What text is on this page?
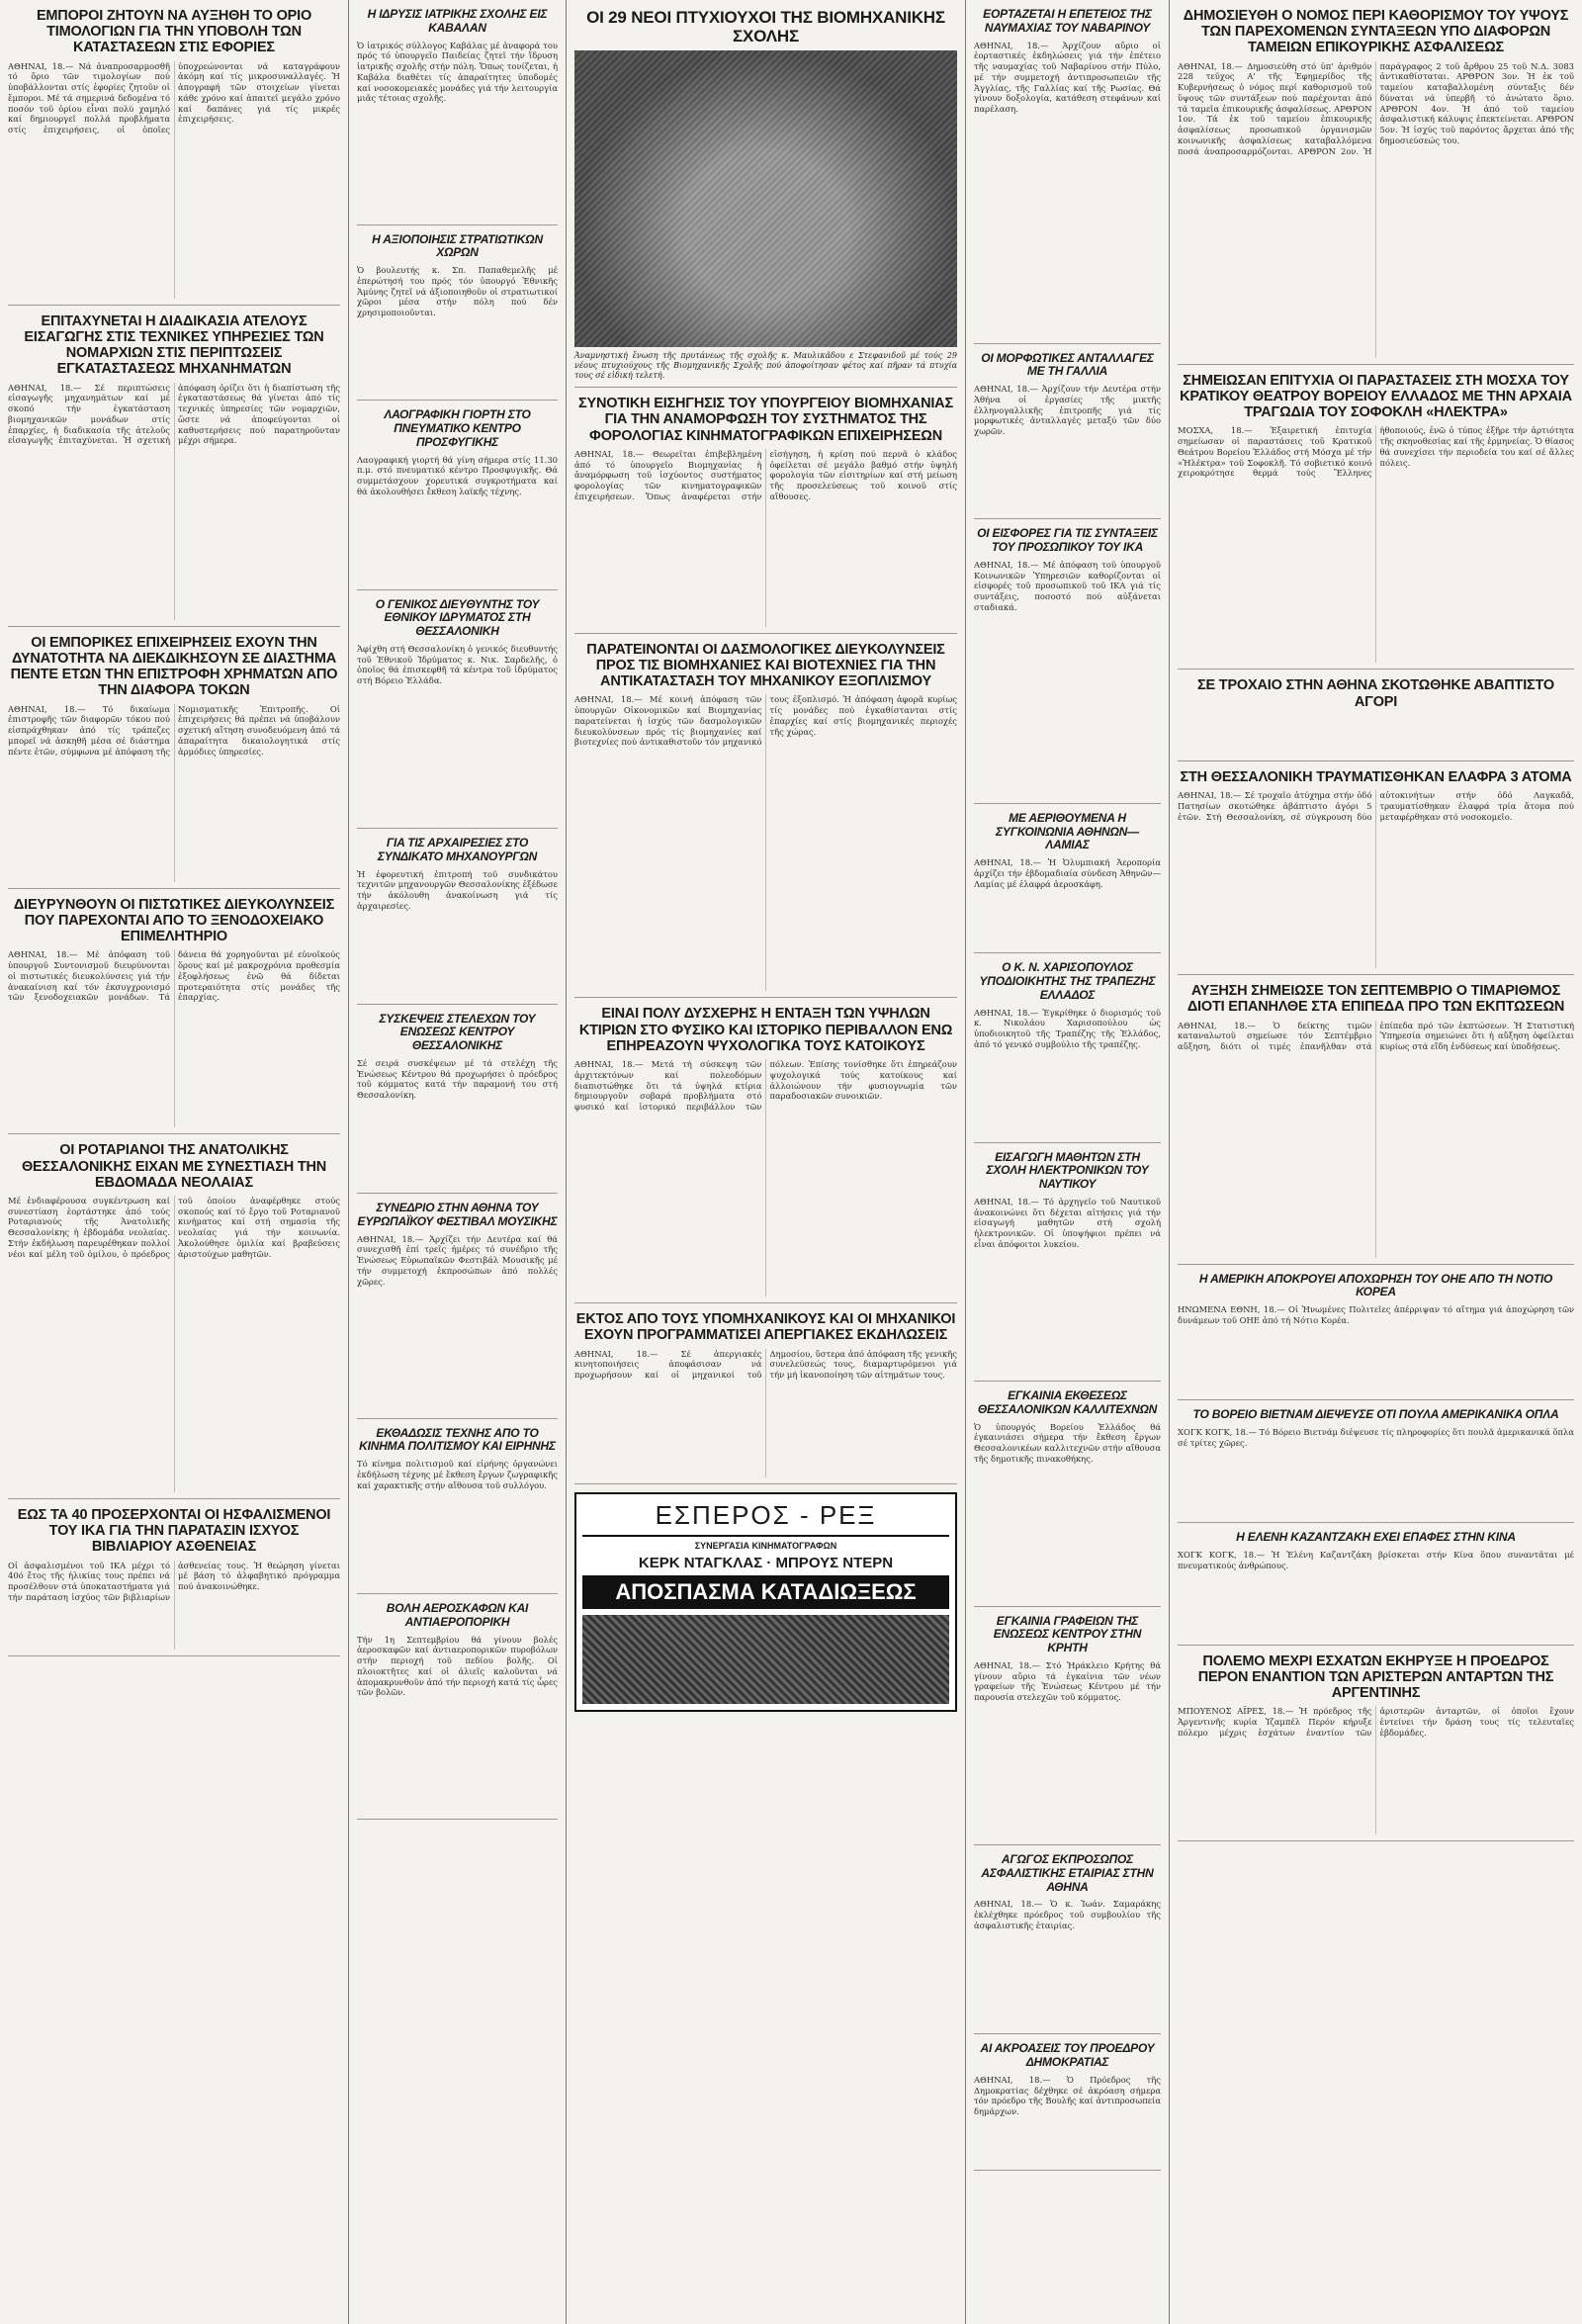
ΕΜΠΟΡΟΙ ΖΗΤΟΥΝ ΝΑ ΑΥΞΗΘΗ ΤΟ ΟΡΙΟ ΤΙΜΟΛΟΓΙΩΝ ΓΙΑ ΤΗΝ ΥΠΟΒΟΛΗ ΤΩΝ ΚΑΤΑΣΤΑΣΕΩΝ ΣΤΙΣ ΕΦΟΡΙΕΣ

ΑΘΗΝΑΙ, 18.— Νά ἀναπροσαρμοσθῆ τό ὅριο τῶν τιμολογίων πού ὑποβάλλονται στίς ἐφορίες ζητοῦν οἱ ἔμποροι. Μέ τά σημερινά δεδομένα τό ποσόν τοῦ ὁρίου εἶναι πολύ χαμηλό καί δημιουργεῖ πολλά προβλήματα στίς ἐπιχειρήσεις, οἱ ὁποῖες ὑποχρεώνονται νά καταγράφουν ἀκόμη καί τίς μικροσυναλλαγές. Ἡ ἀπογραφή τῶν στοιχείων γίνεται κάθε χρόνο καί ἀπαιτεῖ μεγάλο χρόνο καί δαπάνες γιά τίς μικρές ἐπιχειρήσεις.

ΕΠΙΤΑΧΥΝΕΤΑΙ Η ΔΙΑΔΙΚΑΣΙΑ ΑΤΕΛΟΥΣ ΕΙΣΑΓΩΓΗΣ ΣΤΙΣ ΤΕΧΝΙΚΕΣ ΥΠΗΡΕΣΙΕΣ ΤΩΝ ΝΟΜΑΡΧΙΩΝ ΣΤΙΣ ΠΕΡΙΠΤΩΣΕΙΣ ΕΓΚΑΤΑΣΤΑΣΕΩΣ ΜΗΧΑΝΗΜΑΤΩΝ

ΑΘΗΝΑΙ, 18.— Σέ περιπτώσεις εἰσαγωγῆς μηχανημάτων καί μέ σκοπό τήν ἐγκατάσταση βιομηχανικῶν μονάδων στίς ἐπαρχίες, ἡ διαδικασία τῆς ἀτελοῦς εἰσαγωγῆς ἐπιταχύνεται. Ἡ σχετική ἀπόφαση ὁρίζει ὅτι ἡ διαπίστωση τῆς ἐγκαταστάσεως θά γίνεται ἀπό τίς τεχνικές ὑπηρεσίες τῶν νομαρχιῶν, ὥστε νά ἀποφεύγονται οἱ καθυστερήσεις πού παρατηροῦνταν μέχρι σήμερα.

ΟΙ ΕΜΠΟΡΙΚΕΣ ΕΠΙΧΕΙΡΗΣΕΙΣ ΕΧΟΥΝ ΤΗΝ ΔΥΝΑΤΟΤΗΤΑ ΝΑ ΔΙΕΚΔΙΚΗΣΟΥΝ ΣΕ ΔΙΑΣΤΗΜΑ ΠΕΝΤΕ ΕΤΩΝ ΤΗΝ ΕΠΙΣΤΡΟΦΗ ΧΡΗΜΑΤΩΝ ΑΠΟ ΤΗΝ ΔΙΑΦΟΡΑ ΤΟΚΩΝ

ΑΘΗΝΑΙ, 18.— Τό δικαίωμα ἐπιστροφῆς τῶν διαφορῶν τόκου πού εἰσπράχθηκαν ἀπό τίς τράπεζες μπορεῖ νά ἀσκηθῆ μέσα σέ διάστημα πέντε ἐτῶν, σύμφωνα μέ ἀπόφαση τῆς Νομισματικῆς Ἐπιτροπῆς. Οἱ ἐπιχειρήσεις θά πρέπει νά ὑποβάλουν σχετική αἴτηση συνοδευόμενη ἀπό τά ἀπαραίτητα δικαιολογητικά στίς ἀρμόδιες ὑπηρεσίες.

ΔΙΕΥΡΥΝΘΟΥΝ ΟΙ ΠΙΣΤΩΤΙΚΕΣ ΔΙΕΥΚΟΛΥΝΣΕΙΣ ΠΟΥ ΠΑΡΕΧΟΝΤΑΙ ΑΠΟ ΤΟ ΞΕΝΟΔΟΧΕΙΑΚΟ ΕΠΙΜΕΛΗΤΗΡΙΟ

ΑΘΗΝΑΙ, 18.— Μέ ἀπόφαση τοῦ ὑπουργοῦ Συντονισμοῦ διευρύνονται οἱ πιστωτικές διευκολύνσεις γιά τήν ἀνακαίνιση καί τόν ἐκσυγχρονισμό τῶν ξενοδοχειακῶν μονάδων. Τά δάνεια θά χορηγοῦνται μέ εὐνοϊκούς ὅρους καί μέ μακροχρόνια προθεσμία ἐξοφλήσεως ἐνῶ θά δίδεται προτεραιότητα στίς μονάδες τῆς ἐπαρχίας.

ΟΙ ΡΟΤΑΡΙΑΝΟΙ ΤΗΣ ΑΝΑΤΟΛΙΚΗΣ ΘΕΣΣΑΛΟΝΙΚΗΣ ΕΙΧΑΝ ΜΕ ΣΥΝΕΣΤΙΑΣΗ ΤΗΝ ΕΒΔΟΜΑΔΑ ΝΕΟΛΑΙΑΣ

Μέ ἐνδιαφέρουσα συγκέντρωση καί συνεστίαση ἑορτάστηκε ἀπό τούς Ροταριανούς τῆς Ἀνατολικῆς Θεσσαλονίκης ἡ ἑβδομάδα νεολαίας. Στήν ἐκδήλωση παρευρέθηκαν πολλοί νέοι καί μέλη τοῦ ὁμίλου, ὁ πρόεδρος τοῦ ὁποίου ἀναφέρθηκε στούς σκοπούς καί τό ἔργο τοῦ Ροταριανοῦ κινήματος καί στή σημασία τῆς νεολαίας γιά τήν κοινωνία. Ἀκολούθησε ὁμιλία καί βραβεύσεις ἀριστούχων μαθητῶν.

ΕΩΣ ΤΑ 40 ΠΡΟΣΕΡΧΟΝΤΑΙ ΟΙ ΗΣΦΑΛΙΣΜΕΝΟΙ ΤΟΥ ΙΚΑ ΓΙΑ ΤΗΝ ΠΑΡΑΤΑΣΙΝ ΙΣΧΥΟΣ ΒΙΒΛΙΑΡΙΟΥ ΑΣΘΕΝΕΙΑΣ

Οἱ ἀσφαλισμένοι τοῦ ΙΚΑ μέχρι τό 40ό ἔτος τῆς ἡλικίας τους πρέπει νά προσέλθουν στά ὑποκαταστήματα γιά τήν παράταση ἰσχύος τῶν βιβλιαρίων ἀσθενείας τους. Ἡ θεώρηση γίνεται μέ βάση τό ἀλφαβητικό πρόγραμμα πού ἀνακοινώθηκε.

Η ΙΔΡΥΣΙΣ ΙΑΤΡΙΚΗΣ ΣΧΟΛΗΣ ΕΙΣ ΚΑΒΑΛΑΝ

Ὁ ἰατρικός σύλλογος Καβάλας μέ ἀναφορά του πρός τό ὑπουργεῖο Παιδείας ζητεῖ τήν ἵδρυση ἰατρικῆς σχολῆς στήν πόλη. Ὅπως τονίζεται, ἡ Καβάλα διαθέτει τίς ἀπαραίτητες ὑποδομές καί νοσοκομειακές μονάδες γιά τήν λειτουργία μιᾶς τέτοιας σχολῆς.

Η ΑΞΙΟΠΟΙΗΣΙΣ ΣΤΡΑΤΙΩΤΙΚΩΝ ΧΩΡΩΝ

Ὁ βουλευτής κ. Σπ. Παπαθεμελῆς μέ ἐπερώτησή του πρός τόν ὑπουργό Ἐθνικῆς Ἀμύνης ζητεῖ νά ἀξιοποιηθοῦν οἱ στρατιωτικοί χῶροι μέσα στήν πόλη πού δέν χρησιμοποιοῦνται.

ΛΑΟΓΡΑΦΙΚΗ ΓΙΟΡΤΗ ΣΤΟ ΠΝΕΥΜΑΤΙΚΟ ΚΕΝΤΡΟ ΠΡΟΣΦΥΓΙΚΗΣ

Λαογραφική γιορτή θά γίνη σήμερα στίς 11.30 π.μ. στό πνευματικό κέντρο Προσφυγικῆς. Θά συμμετάσχουν χορευτικά συγκροτήματα καί θά ἀκολουθήσει ἔκθεση λαϊκῆς τέχνης.

Ο ΓΕΝΙΚΟΣ ΔΙΕΥΘΥΝΤΗΣ ΤΟΥ ΕΘΝΙΚΟΥ ΙΔΡΥΜΑΤΟΣ ΣΤΗ ΘΕΣΣΑΛΟΝΙΚΗ

Ἀφίχθη στή Θεσσαλονίκη ὁ γενικός διευθυντής τοῦ Ἐθνικοῦ Ἱδρύματος κ. Νικ. Σαρδελῆς, ὁ ὁποῖος θά ἐπισκεφθῆ τά κέντρα τοῦ ἱδρύματος στή Βόρειο Ἑλλάδα.

ΓΙΑ ΤΙΣ ΑΡΧΑΙΡΕΣΙΕΣ ΣΤΟ ΣΥΝΔΙΚΑΤΟ ΜΗΧΑΝΟΥΡΓΩΝ

Ἡ ἐφορευτική ἐπιτροπή τοῦ συνδικάτου τεχνιτῶν μηχανουργῶν Θεσσαλονίκης ἐξέδωσε τήν ἀκόλουθη ἀνακοίνωση γιά τίς ἀρχαιρεσίες.

ΣΥΣΚΕΨΕΙΣ ΣΤΕΛΕΧΩΝ ΤΟΥ ΕΝΩΣΕΩΣ ΚΕΝΤΡΟΥ ΘΕΣΣΑΛΟΝΙΚΗΣ

Σέ σειρά συσκέψεων μέ τά στελέχη τῆς Ἑνώσεως Κέντρου θά προχωρήσει ὁ πρόεδρος τοῦ κόμματος κατά τήν παραμονή του στή Θεσσαλονίκη.

ΣΥΝΕΔΡΙΟ ΣΤΗΝ ΑΘΗΝΑ ΤΟΥ ΕΥΡΩΠΑΪΚΟΥ ΦΕΣΤΙΒΑΛ ΜΟΥΣΙΚΗΣ

ΑΘΗΝΑΙ, 18.— Ἀρχίζει τήν Δευτέρα καί θά συνεχισθῆ ἐπί τρεῖς ἡμέρες τό συνέδριο τῆς Ἑνώσεως Εὐρωπαϊκῶν Φεστιβάλ Μουσικῆς μέ τήν συμμετοχή ἐκπροσώπων ἀπό πολλές χῶρες.

ΕΚΘΑΔΩΣΙΣ ΤΕΧΝΗΣ ΑΠΟ ΤΟ ΚΙΝΗΜΑ ΠΟΛΙΤΙΣΜΟΥ ΚΑΙ ΕΙΡΗΝΗΣ

Τό κίνημα πολιτισμοῦ καί εἰρήνης ὀργανώνει ἐκδήλωση τέχνης μέ ἔκθεση ἔργων ζωγραφικῆς καί χαρακτικῆς στήν αἴθουσα τοῦ συλλόγου.

ΒΟΛΗ ΑΕΡΟΣΚΑΦΩΝ ΚΑΙ ΑΝΤΙΑΕΡΟΠΟΡΙΚΗ

Τήν 1η Σεπτεμβρίου θά γίνουν βολές ἀεροσκαφῶν καί ἀντιαεροπορικῶν πυροβόλων στήν περιοχή τοῦ πεδίου βολῆς. Οἱ πλοιοκτῆτες καί οἱ ἁλιεῖς καλοῦνται νά ἀπομακρυνθοῦν ἀπό τήν περιοχή κατά τίς ὧρες τῶν βολῶν.

ΟΙ 29 ΝΕΟΙ ΠΤΥΧΙΟΥΧΟΙ ΤΗΣ ΒΙΟΜΗΧΑΝΙΚΗΣ ΣΧΟΛΗΣ

Ἀναμνηστική ἔνωση τῆς πρυτάνεως τῆς σχολῆς κ. Μαυλικᾶδου ε Στεφανιδοῦ μέ τούς 29 νέους πτυχιούχους τῆς Βιομηχανικῆς Σχολῆς πού ἀποφοίτησαν φέτος καί πῆραν τά πτυχία τους σέ εἰδική τελετή.

ΣΥΝΟΤΙΚΗ ΕΙΣΗΓΗΣΙΣ ΤΟΥ ΥΠΟΥΡΓΕΙΟΥ ΒΙΟΜΗΧΑΝΙΑΣ ΓΙΑ ΤΗΝ ΑΝΑΜΟΡΦΩΣΗ ΤΟΥ ΣΥΣΤΗΜΑΤΟΣ ΤΗΣ ΦΟΡΟΛΟΓΙΑΣ ΚΙΝΗΜΑΤΟΓΡΑΦΙΚΩΝ ΕΠΙΧΕΙΡΗΣΕΩΝ

ΑΘΗΝΑΙ, 18.— Θεωρεῖται ἐπιβεβλημένη ἀπό τό ὑπουργεῖο Βιομηχανίας ἡ ἀναμόρφωση τοῦ ἰσχύοντος συστήματος φορολογίας τῶν κινηματογραφικῶν ἐπιχειρήσεων. Ὅπως ἀναφέρεται στήν εἰσήγηση, ἡ κρίση πού περνᾶ ὁ κλάδος ὀφείλεται σέ μεγάλο βαθμό στήν ὑψηλή φορολογία τῶν εἰσιτηρίων καί στή μείωση τῆς προσελεύσεως τοῦ κοινοῦ στίς αἴθουσες.

ΠΑΡΑΤΕΙΝΟΝΤΑΙ ΟΙ ΔΑΣΜΟΛΟΓΙΚΕΣ ΔΙΕΥΚΟΛΥΝΣΕΙΣ ΠΡΟΣ ΤΙΣ ΒΙΟΜΗΧΑΝΙΕΣ ΚΑΙ ΒΙΟΤΕΧΝΙΕΣ ΓΙΑ ΤΗΝ ΑΝΤΙΚΑΤΑΣΤΑΣΗ ΤΟΥ ΜΗΧΑΝΙΚΟΥ ΕΞΟΠΛΙΣΜΟΥ

ΑΘΗΝΑΙ, 18.— Μέ κοινή ἀπόφαση τῶν ὑπουργῶν Οἰκονομικῶν καί Βιομηχανίας παρατείνεται ἡ ἰσχύς τῶν δασμολογικῶν διευκολύνσεων πρός τίς βιομηχανίες καί βιοτεχνίες πού ἀντικαθιστοῦν τόν μηχανικό τους ἐξοπλισμό. Ἡ ἀπόφαση ἀφορᾶ κυρίως τίς μονάδες πού ἐγκαθίστανται στίς ἐπαρχίες καί στίς βιομηχανικές περιοχές τῆς χώρας.

ΕΙΝΑΙ ΠΟΛΥ ΔΥΣΧΕΡΗΣ Η ΕΝΤΑΞΗ ΤΩΝ ΥΨΗΛΩΝ ΚΤΙΡΙΩΝ ΣΤΟ ΦΥΣΙΚΟ ΚΑΙ ΙΣΤΟΡΙΚΟ ΠΕΡΙΒΑΛΛΟΝ ΕΝΩ ΕΠΗΡΕΑΖΟΥΝ ΨΥΧΟΛΟΓΙΚΑ ΤΟΥΣ ΚΑΤΟΙΚΟΥΣ

ΑΘΗΝΑΙ, 18.— Μετά τή σύσκεψη τῶν ἀρχιτεκτόνων καί πολεοδόμων διαπιστώθηκε ὅτι τά ὑψηλά κτίρια δημιουργοῦν σοβαρά προβλήματα στό φυσικό καί ἱστορικό περιβάλλον τῶν πόλεων. Ἐπίσης τονίσθηκε ὅτι ἐπηρεάζουν ψυχολογικά τούς κατοίκους καί ἀλλοιώνουν τήν φυσιογνωμία τῶν παραδοσιακῶν συνοικιῶν.

ΕΚΤΟΣ ΑΠΟ ΤΟΥΣ ΥΠΟΜΗΧΑΝΙΚΟΥΣ ΚΑΙ ΟΙ ΜΗΧΑΝΙΚΟΙ ΕΧΟΥΝ ΠΡΟΓΡΑΜΜΑΤΙΣΕΙ ΑΠΕΡΓΙΑΚΕΣ ΕΚΔΗΛΩΣΕΙΣ

ΑΘΗΝΑΙ, 18.— Σέ ἀπεργιακές κινητοποιήσεις ἀποφάσισαν νά προχωρήσουν καί οἱ μηχανικοί τοῦ Δημοσίου, ὕστερα ἀπό ἀπόφαση τῆς γενικῆς συνελεύσεώς τους, διαμαρτυρόμενοι γιά τήν μή ἱκανοποίηση τῶν αἰτημάτων τους.

ΕΣΠΕΡΟΣ - ΡΕΞ
ΣΥΝΕΡΓΑΣΙΑ ΚΙΝΗΜΑΤΟΓΡΑΦΩΝ
ΚΕΡΚ ΝΤΑΓΚΛΑΣ · ΜΠΡΟΥΣ ΝΤΕΡΝ
ΑΠΟΣΠΑΣΜΑ ΚΑΤΑΔΙΩΞΕΩΣ
ΕΟΡΤΑΖΕΤΑΙ Η ΕΠΕΤΕΙΟΣ ΤΗΣ ΝΑΥΜΑΧΙΑΣ ΤΟΥ ΝΑΒΑΡΙΝΟΥ

ΑΘΗΝΑΙ, 18.— Ἀρχίζουν αὔριο οἱ ἑορταστικές ἐκδηλώσεις γιά τήν ἐπέτειο τῆς ναυμαχίας τοῦ Ναβαρίνου στήν Πύλο, μέ τήν συμμετοχή ἀντιπροσωπειῶν τῆς Ἀγγλίας, τῆς Γαλλίας καί τῆς Ρωσίας. Θά γίνουν δοξολογία, κατάθεση στεφάνων καί παρέλαση.

ΟΙ ΜΟΡΦΩΤΙΚΕΣ ΑΝΤΑΛΛΑΓΕΣ ΜΕ ΤΗ ΓΑΛΛΙΑ

ΑΘΗΝΑΙ, 18.— Ἀρχίζουν τήν Δευτέρα στήν Ἀθήνα οἱ ἐργασίες τῆς μικτῆς ἑλληνογαλλικῆς ἐπιτροπῆς γιά τίς μορφωτικές ἀνταλλαγές μεταξύ τῶν δύο χωρῶν.

ΟΙ ΕΙΣΦΟΡΕΣ ΓΙΑ ΤΙΣ ΣΥΝΤΑΞΕΙΣ ΤΟΥ ΠΡΟΣΩΠΙΚΟΥ ΤΟΥ ΙΚΑ

ΑΘΗΝΑΙ, 18.— Μέ ἀπόφαση τοῦ ὑπουργοῦ Κοινωνικῶν Ὑπηρεσιῶν καθορίζονται οἱ εἰσφορές τοῦ προσωπικοῦ τοῦ ΙΚΑ γιά τίς συντάξεις, ποσοστό πού αὐξάνεται σταδιακά.

ΜΕ ΑΕΡΙΘΟΥΜΕΝΑ Η ΣΥΓΚΟΙΝΩΝΙΑ ΑΘΗΝΩΝ—ΛΑΜΙΑΣ

ΑΘΗΝΑΙ, 18.— Ἡ Ὀλυμπιακή Ἀεροπορία ἀρχίζει τήν ἐβδομαδιαία σύνδεση Ἀθηνῶν—Λαμίας μέ ἐλαφρά ἀεροσκάφη.

Ο Κ. Ν. ΧΑΡΙΣΟΠΟΥΛΟΣ ΥΠΟΔΙΟΙΚΗΤΗΣ ΤΗΣ ΤΡΑΠΕΖΗΣ ΕΛΛΑΔΟΣ

ΑΘΗΝΑΙ, 18.— Ἐγκρίθηκε ὁ διορισμός τοῦ κ. Νικολάου Χαρισοπούλου ὡς ὑποδιοικητοῦ τῆς Τραπέζης τῆς Ἑλλάδος, ἀπό τό γενικό συμβούλιο τῆς τραπέζης.

ΕΙΣΑΓΩΓΗ ΜΑΘΗΤΩΝ ΣΤΗ ΣΧΟΛΗ ΗΛΕΚΤΡΟΝΙΚΩΝ ΤΟΥ ΝΑΥΤΙΚΟΥ

ΑΘΗΝΑΙ, 18.— Τό ἀρχηγεῖο τοῦ Ναυτικοῦ ἀνακοινώνει ὅτι δέχεται αἰτήσεις γιά τήν εἰσαγωγή μαθητῶν στή σχολή ἠλεκτρονικῶν. Οἱ ὑποψήφιοι πρέπει νά εἶναι ἀπόφοιτοι λυκείου.

ΕΓΚΑΙΝΙΑ ΕΚΘΕΣΕΩΣ ΘΕΣΣΑΛΟΝΙΚΩΝ ΚΑΛΛΙΤΕΧΝΩΝ

Ὁ ὑπουργός Βορείου Ἑλλάδος θά ἐγκαινιάσει σήμερα τήν ἔκθεση ἔργων Θεσσαλονικέων καλλιτεχνῶν στήν αἴθουσα τῆς δημοτικῆς πινακοθήκης.

ΕΓΚΑΙΝΙΑ ΓΡΑΦΕΙΩΝ ΤΗΣ ΕΝΩΣΕΩΣ ΚΕΝΤΡΟΥ ΣΤΗΝ ΚΡΗΤΗ

ΑΘΗΝΑΙ, 18.— Στό Ἡράκλειο Κρήτης θά γίνουν αὔριο τά ἐγκαίνια τῶν νέων γραφείων τῆς Ἑνώσεως Κέντρου μέ τήν παρουσία στελεχῶν τοῦ κόμματος.

ΑΓΩΓΟΣ ΕΚΠΡΟΣΩΠΟΣ ΑΣΦΑΛΙΣΤΙΚΗΣ ΕΤΑΙΡΙΑΣ ΣΤΗΝ ΑΘΗΝΑ

ΑΘΗΝΑΙ, 18.— Ὁ κ. Ἰωάν. Σαμαράκης ἐκλέχθηκε πρόεδρος τοῦ συμβουλίου τῆς ἀσφαλιστικῆς ἑταιρίας.

ΑΙ ΑΚΡΟΑΣΕΙΣ ΤΟΥ ΠΡΟΕΔΡΟΥ ΔΗΜΟΚΡΑΤΙΑΣ

ΑΘΗΝΑΙ, 18.— Ὁ Πρόεδρος τῆς Δημοκρατίας δέχθηκε σέ ἀκρόαση σήμερα τόν πρόεδρο τῆς Βουλῆς καί ἀντιπροσωπεία δημάρχων.

ΔΗΜΟΣΙΕΥΘΗ Ο ΝΟΜΟΣ ΠΕΡΙ ΚΑΘΟΡΙΣΜΟΥ ΤΟΥ ΥΨΟΥΣ ΤΩΝ ΠΑΡΕΧΟΜΕΝΩΝ ΣΥΝΤΑΞΕΩΝ ΥΠΟ ΔΙΑΦΟΡΩΝ ΤΑΜΕΙΩΝ ΕΠΙΚΟΥΡΙΚΗΣ ΑΣΦΑΛΙΣΕΩΣ

ΑΘΗΝΑΙ, 18.— Δημοσιεύθη στό ὑπ' ἀριθμόν 228 τεῦχος Α' τῆς Ἐφημερίδος τῆς Κυβερνήσεως ὁ νόμος περί καθορισμοῦ τοῦ ὕψους τῶν συντάξεων πού παρέχονται ἀπό τά ταμεῖα ἐπικουρικῆς ἀσφαλίσεως. ΑΡΘΡΟΝ 1ον. Τά ἐκ τοῦ ταμείου ἐπικουρικῆς ἀσφαλίσεως προσωπικοῦ ὀργανισμῶν κοινωνικῆς ἀσφαλίσεως καταβαλλόμενα ποσά ἀναπροσαρμόζονται. ΑΡΘΡΟΝ 2ον. Ἡ παράγραφος 2 τοῦ ἄρθρου 25 τοῦ Ν.Δ. 3083 ἀντικαθίσταται. ΑΡΘΡΟΝ 3ον. Ἡ ἐκ τοῦ ταμείου καταβαλλομένη σύνταξις δέν δύναται νά ὑπερβῆ τό ἀνώτατο ὅριο. ΑΡΘΡΟΝ 4ον. Ἡ ἀπό τοῦ ταμείου ἀσφαλιστική κάλυψις ἐπεκτείνεται. ΑΡΘΡΟΝ 5ον. Ἡ ἰσχύς τοῦ παρόντος ἄρχεται ἀπό τῆς δημοσιεύσεώς του.

ΣΗΜΕΙΩΣΑΝ ΕΠΙΤΥΧΙΑ ΟΙ ΠΑΡΑΣΤΑΣΕΙΣ ΣΤΗ ΜΟΣΧΑ ΤΟΥ ΚΡΑΤΙΚΟΥ ΘΕΑΤΡΟΥ ΒΟΡΕΙΟΥ ΕΛΛΑΔΟΣ ΜΕ ΤΗΝ ΑΡΧΑΙΑ ΤΡΑΓΩΔΙΑ ΤΟΥ ΣΟΦΟΚΛΗ «ΗΛΕΚΤΡΑ»

ΜΟΣΧΑ, 18.— Ἐξαιρετική ἐπιτυχία σημείωσαν οἱ παραστάσεις τοῦ Κρατικοῦ Θεάτρου Βορείου Ἑλλάδος στή Μόσχα μέ τήν «Ἠλέκτρα» τοῦ Σοφοκλῆ. Τό σοβιετικό κοινό χειροκρότησε θερμά τούς Ἕλληνες ἠθοποιούς, ἐνῶ ὁ τύπος ἐξῆρε τήν ἀρτιότητα τῆς σκηνοθεσίας καί τῆς ἑρμηνείας. Ὁ θίασος θά συνεχίσει τήν περιοδεία του καί σέ ἄλλες πόλεις.

ΣΕ ΤΡΟΧΑΙΟ ΣΤΗΝ ΑΘΗΝΑ ΣΚΟΤΩΘΗΚΕ ΑΒΑΠΤΙΣΤΟ ΑΓΟΡΙ

ΣΤΗ ΘΕΣΣΑΛΟΝΙΚΗ ΤΡΑΥΜΑΤΙΣΘΗΚΑΝ ΕΛΑΦΡΑ 3 ΑΤΟΜΑ

ΑΘΗΝΑΙ, 18.— Σέ τροχαῖο ἀτύχημα στήν ὁδό Πατησίων σκοτώθηκε ἀβάπτιστο ἀγόρι 5 ἐτῶν. Στή Θεσσαλονίκη, σέ σύγκρουση δύο αὐτοκινήτων στήν ὁδό Λαγκαδᾶ, τραυματίσθηκαν ἐλαφρά τρία ἄτομα πού μεταφέρθηκαν στό νοσοκομεῖο.

ΑΥΞΗΣΗ ΣΗΜΕΙΩΣΕ ΤΟΝ ΣΕΠΤΕΜΒΡΙΟ Ο ΤΙΜΑΡΙΘΜΟΣ ΔΙΟΤΙ ΕΠΑΝΗΛΘΕ ΣΤΑ ΕΠΙΠΕΔΑ ΠΡΟ ΤΩΝ ΕΚΠΤΩΣΕΩΝ

ΑΘΗΝΑΙ, 18.— Ὁ δείκτης τιμῶν καταναλωτοῦ σημείωσε τόν Σεπτέμβριο αὔξηση, διότι οἱ τιμές ἐπανῆλθαν στά ἐπίπεδα πρό τῶν ἐκπτώσεων. Ἡ Στατιστική Ὑπηρεσία σημειώνει ὅτι ἡ αὔξηση ὀφείλεται κυρίως στά εἴδη ἐνδύσεως καί ὑποδήσεως.

Η ΑΜΕΡΙΚΗ ΑΠΟΚΡΟΥΕΙ ΑΠΟΧΩΡΗΣΗ ΤΟΥ ΟΗΕ ΑΠΟ ΤΗ ΝΟΤΙΟ ΚΟΡΕΑ

ΗΝΩΜΕΝΑ ΕΘΝΗ, 18.— Οἱ Ἡνωμένες Πολιτεῖες ἀπέρριψαν τό αἴτημα γιά ἀποχώρηση τῶν δυνάμεων τοῦ ΟΗΕ ἀπό τή Νότιο Κορέα.

ΤΟ ΒΟΡΕΙΟ ΒΙΕΤΝΑΜ ΔΙΕΨΕΥΣΕ ΟΤΙ ΠΟΥΛΑ ΑΜΕΡΙΚΑΝΙΚΑ ΟΠΛΑ

ΧΟΓΚ ΚΟΓΚ, 18.— Τό Βόρειο Βιετνάμ διέψευσε τίς πληροφορίες ὅτι πουλᾶ ἀμερικανικά ὅπλα σέ τρίτες χῶρες.

Η ΕΛΕΝΗ ΚΑΖΑΝΤΖΑΚΗ ΕΧΕΙ ΕΠΑΦΕΣ ΣΤΗΝ ΚΙΝΑ

ΧΟΓΚ ΚΟΓΚ, 18.— Ἡ Ἑλένη Καζαντζάκη βρίσκεται στήν Κίνα ὅπου συναντᾶται μέ πνευματικούς ἀνθρώπους.

ΠΟΛΕΜΟ ΜΕΧΡΙ ΕΣΧΑΤΩΝ ΕΚΗΡΥΞΕ Η ΠΡΟΕΔΡΟΣ ΠΕΡΟΝ ΕΝΑΝΤΙΟΝ ΤΩΝ ΑΡΙΣΤΕΡΩΝ ΑΝΤΑΡΤΩΝ ΤΗΣ ΑΡΓΕΝΤΙΝΗΣ

ΜΠΟΥΕΝΟΣ ΑΪΡΕΣ, 18.— Ἡ πρόεδρος τῆς Ἀργεντινῆς κυρία Ἰζαμπέλ Περόν κήρυξε πόλεμο μέχρις ἐσχάτων ἐναντίον τῶν ἀριστερῶν ἀνταρτῶν, οἱ ὁποῖοι ἔχουν ἐντείνει τήν δράση τους τίς τελευταῖες ἑβδομάδες.
